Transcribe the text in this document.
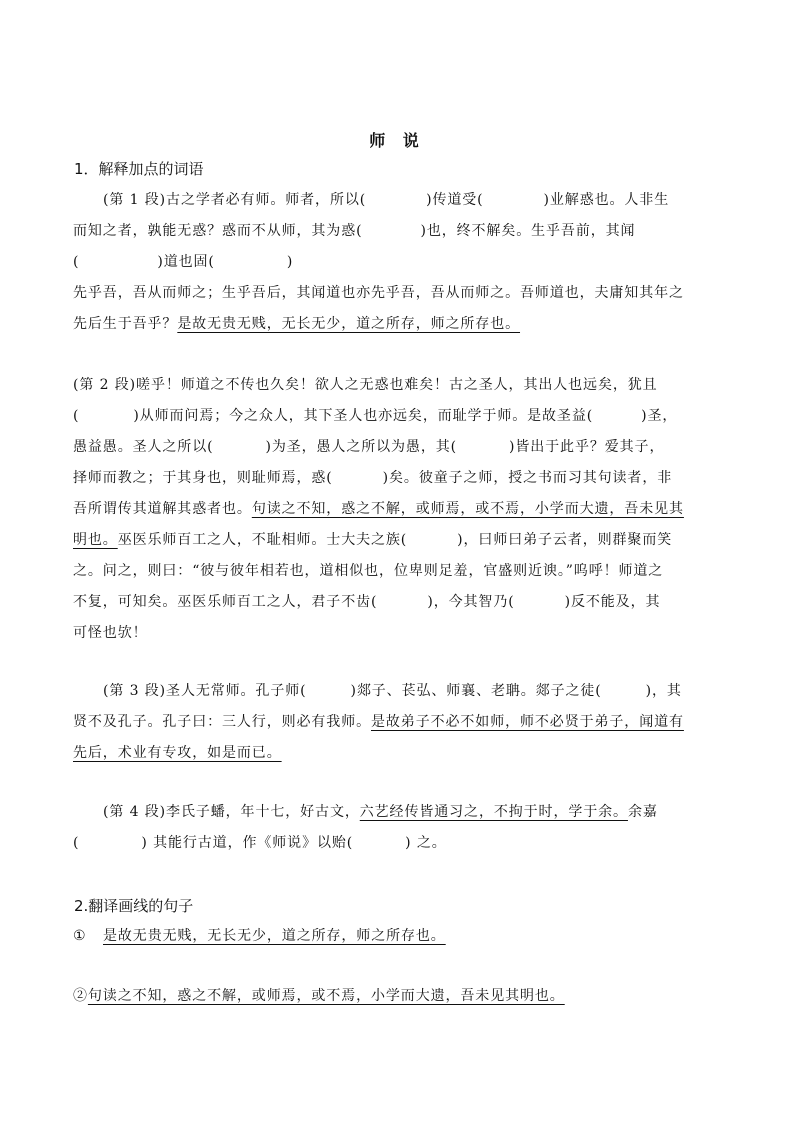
师 说
1．解释加点的词语
(第 1 段)古之学者必有师。师者，所以(	)传道受(	)业解惑也。人非生
而知之者，孰能无惑？惑而不从师，其为惑(	)也，终不解矣。生乎吾前，其闻
(	)道也固(	)
先乎吾，吾从而师之；生乎吾后，其闻道也亦先乎吾，吾从而师之。吾师道也，夫庸知其年之
先后生于吾乎？是故无贵无贱，无长无少，道之所存，师之所存也。
(第 2 段)嗟乎！师道之不传也久矣！欲人之无惑也难矣！古之圣人，其出人也远矣，犹且
(	)从师而问焉；今之众人，其下圣人也亦远矣，而耻学于师。是故圣益(	)圣，
愚益愚。圣人之所以(	)为圣，愚人之所以为愚，其(	)皆出于此乎？爱其子，
择师而教之；于其身也，则耻师焉，惑(	)矣。彼童子之师，授之书而习其句读者，非
吾所谓传其道解其惑者也。句读之不知，惑之不解，或师焉，或不焉，小学而大遗，吾未见其
明也。巫医乐师百工之人，不耻相师。士大夫之族(	)，曰师曰弟子云者，则群聚而笑
之。问之，则曰：“彼与彼年相若也，道相似也，位卑则足羞，官盛则近谀。”呜呼！师道之
不复，可知矣。巫医乐师百工之人，君子不齿(	)，今其智乃(	)反不能及，其
可怪也欤！
(第 3 段)圣人无常师。孔子师(	)郯子、苌弘、师襄、老聃。郯子之徒(	)，其
贤不及孔子。孔子曰：三人行，则必有我师。是故弟子不必不如师，师不必贤于弟子，闻道有
先后，术业有专攻，如是而已。
(第 4 段)李氏子蟠，年十七，好古文，六艺经传皆通习之，不拘于时，学于余。余嘉
(	) 其能行古道，作《师说》以贻(	) 之。
2.翻译画线的句子
① 是故无贵无贱，无长无少，道之所存，师之所存也。
②句读之不知，惑之不解，或师焉，或不焉，小学而大遗，吾未见其明也。
